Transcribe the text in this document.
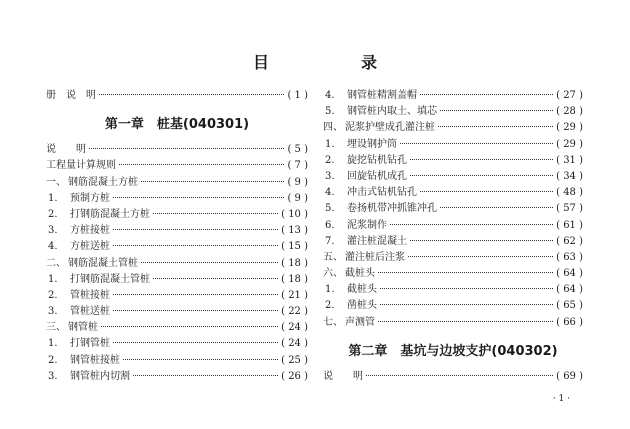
目　录
册　说　明	( 1 )
第一章　桩基(040301)
说　　明	( 5 )
工程量计算规则	( 7 )
一、 钢筋混凝土方桩	( 9 )
1.	预制方桩	( 9 )
2.	打钢筋混凝土方桩	( 10 )
3.	方桩接桩	( 13 )
4.	方桩送桩	( 15 )
二、 钢筋混凝土管桩	( 18 )
1.	打钢筋混凝土管桩	( 18 )
2.	管桩接桩	( 21 )
3.	管桩送桩	( 22 )
三、 钢管桩	( 24 )
1.	打钢管桩	( 24 )
2.	钢管桩接桩	( 25 )
3.	钢管桩内切割	( 26 )
4.	钢管桩精割盖帽	( 27 )
5.	钢管桩内取土、填芯	( 28 )
四、 泥浆护壁成孔灌注桩	( 29 )
1.	埋设钢护筒	( 29 )
2.	旋挖钻机钻孔	( 31 )
3.	回旋钻机成孔	( 34 )
4.	冲击式钻机钻孔	( 48 )
5.	卷扬机带冲抓锥冲孔	( 57 )
6.	泥浆制作	( 61 )
7.	灌注桩混凝土	( 62 )
五、 灌注桩后注浆	( 63 )
六、 截桩头	( 64 )
1.	截桩头	( 64 )
2.	凿桩头	( 65 )
七、 声测管	( 66 )
第二章　基坑与边坡支护(040302)
说　　明	( 69 )
· 1 ·
